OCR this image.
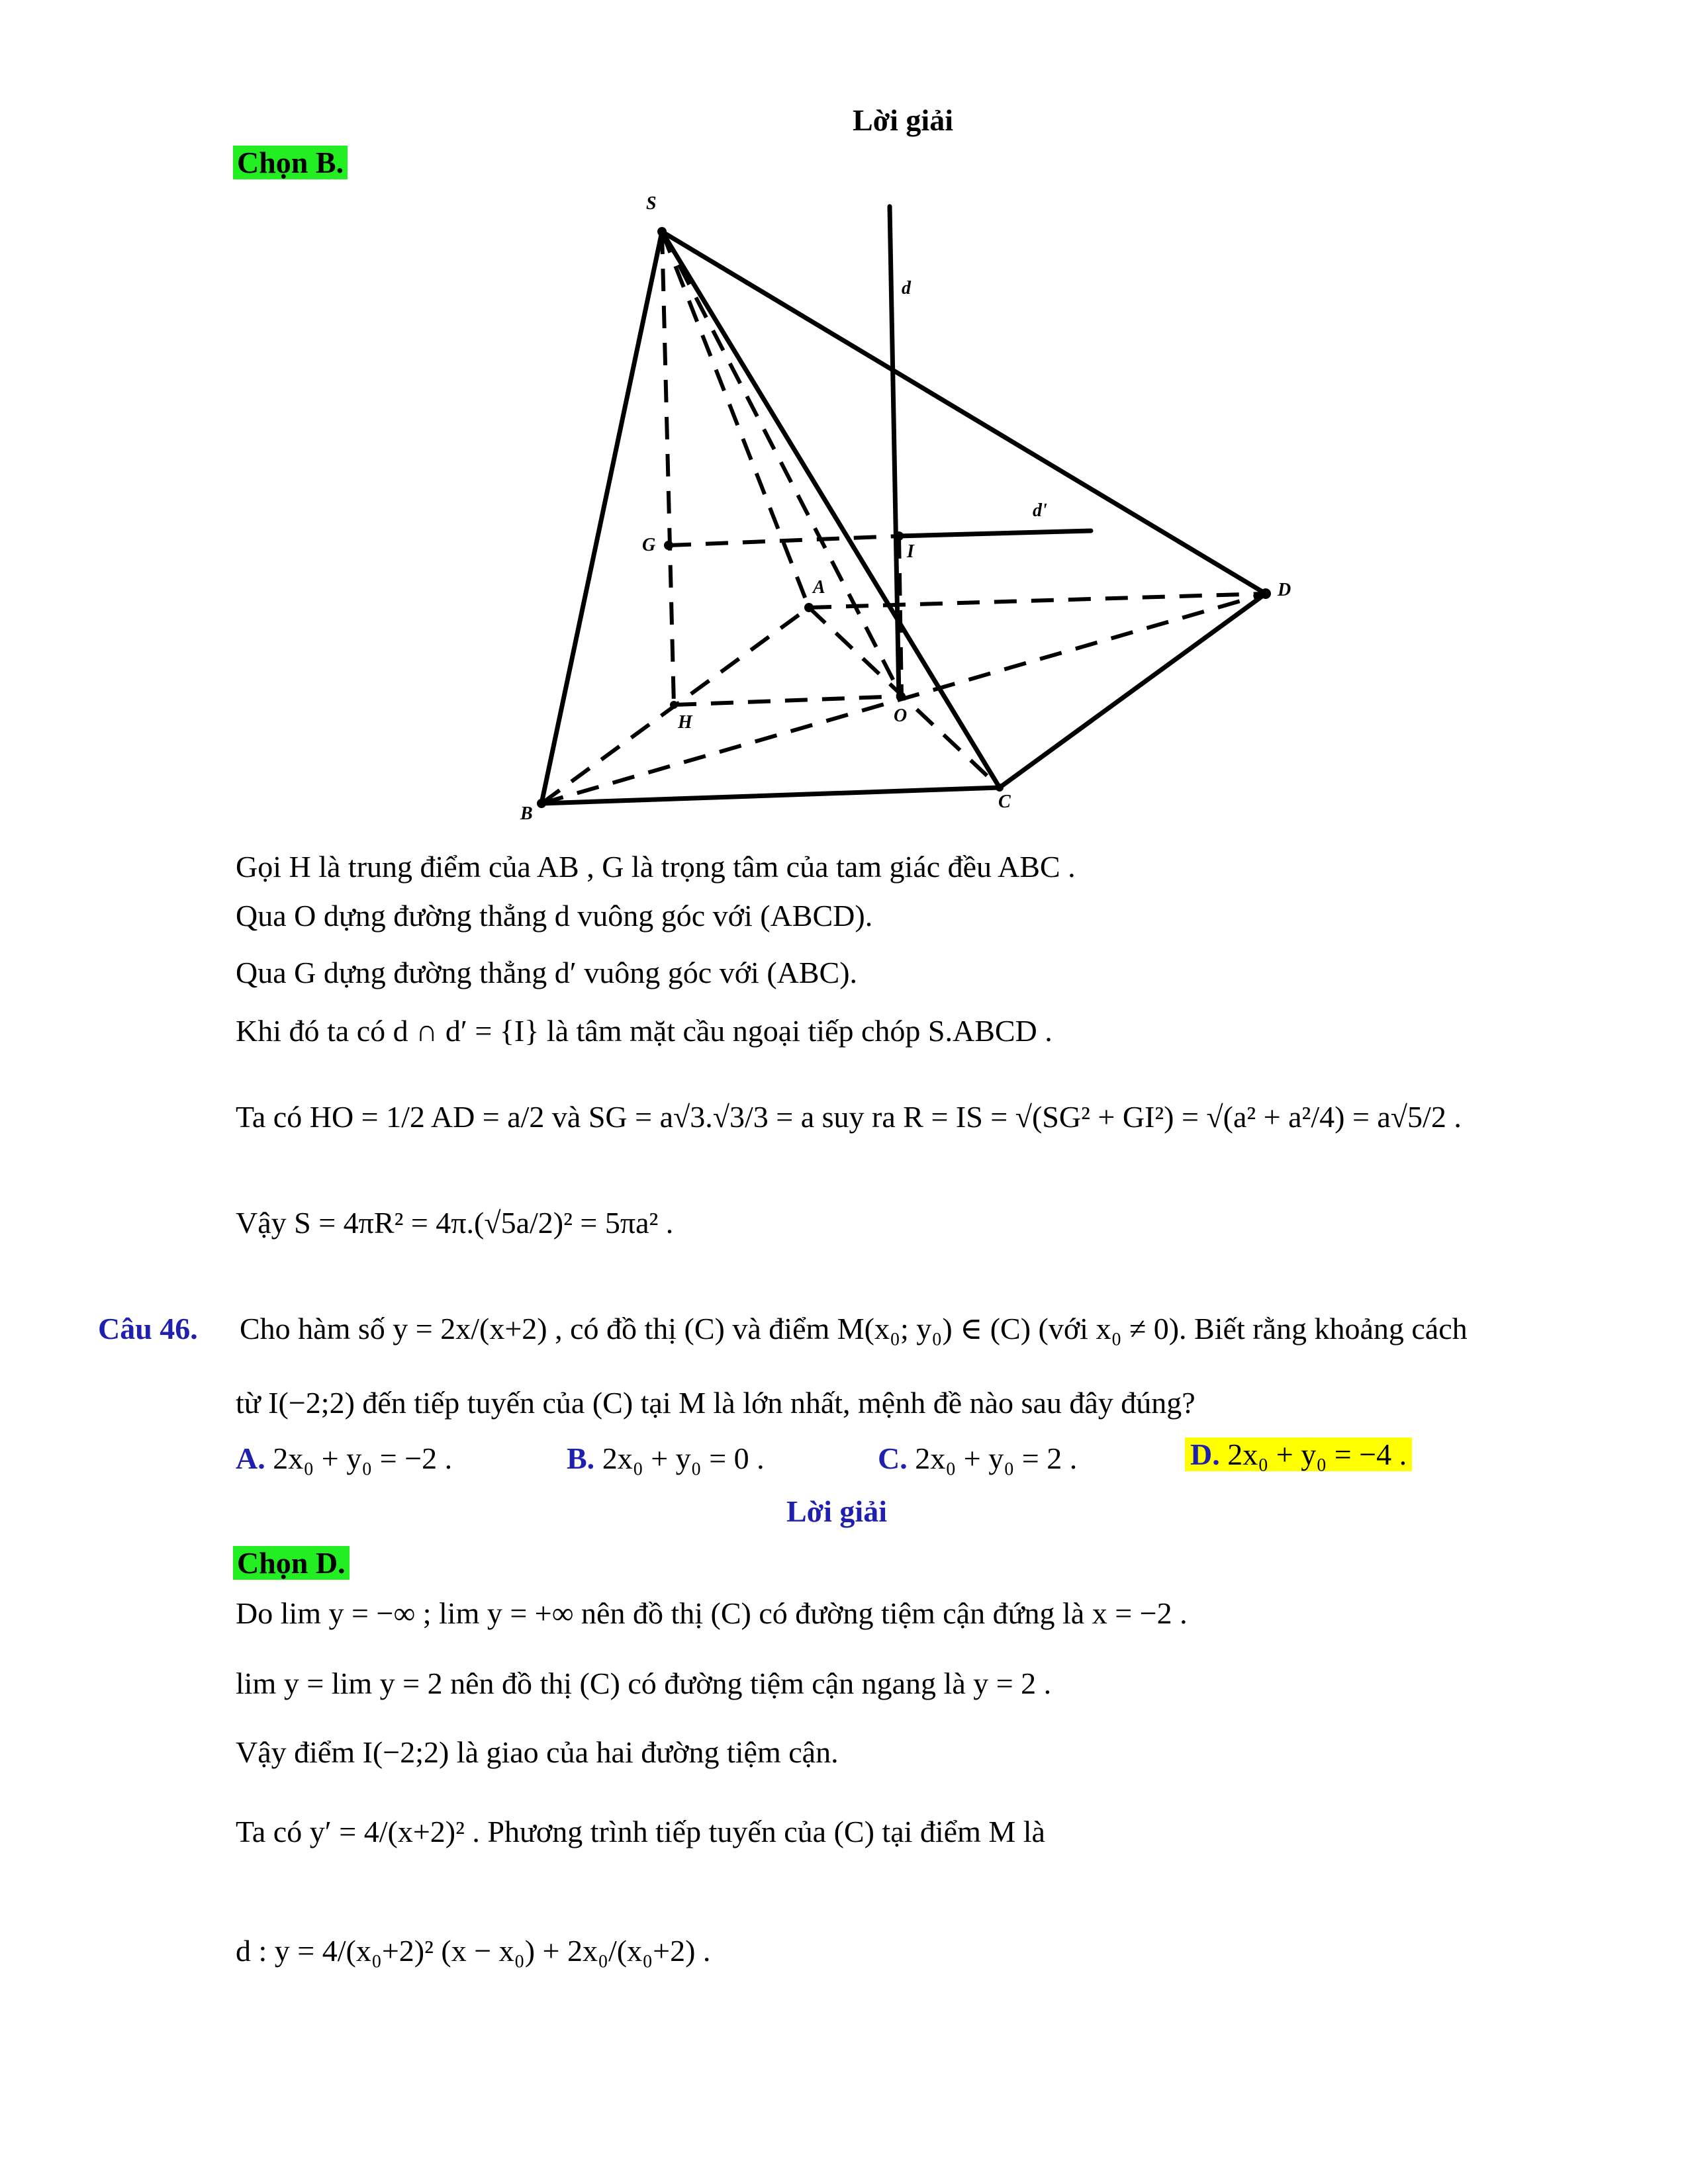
Lời giải
Chọn B.
S
d
d'
G	I
A	D
H	O
B
C
Gọi H là trung điểm của AB , G là trọng tâm của tam giác đều ABC .
Qua O dựng đường thẳng d vuông góc với (ABCD).
Qua G dựng đường thẳng d′ vuông góc với (ABC).
Khi đó ta có d ∩ d′ = {I} là tâm mặt cầu ngoại tiếp chóp S.ABCD .
Ta có HO = 1/2 AD = a/2 và SG = a√3.√3/3 = a suy ra R = IS = √(SG² + GI²) = √(a² + a²/4) = a√5/2 .
Vậy S = 4πR² = 4π.(√5a/2)² = 5πa² .
Câu 46. Cho hàm số y = 2x/(x+2) , có đồ thị (C) và điểm M(x₀; y₀) ∈ (C) (với x₀ ≠ 0). Biết rằng khoảng cách
từ I(−2;2) đến tiếp tuyến của (C) tại M là lớn nhất, mệnh đề nào sau đây đúng?
A. 2x₀ + y₀ = −2 .	B. 2x₀ + y₀ = 0 .	C. 2x₀ + y₀ = 2 .	D. 2x₀ + y₀ = −4 .
Lời giải
Chọn D.
Do lim y = −∞ ; lim y = +∞ nên đồ thị (C) có đường tiệm cận đứng là x = −2 .
lim y = lim y = 2 nên đồ thị (C) có đường tiệm cận ngang là y = 2 .
Vậy điểm I(−2;2) là giao của hai đường tiệm cận.
Ta có y′ = 4/(x+2)² . Phương trình tiếp tuyến của (C) tại điểm M là
d : y = 4/(x₀+2)² (x − x₀) + 2x₀/(x₀+2) .
